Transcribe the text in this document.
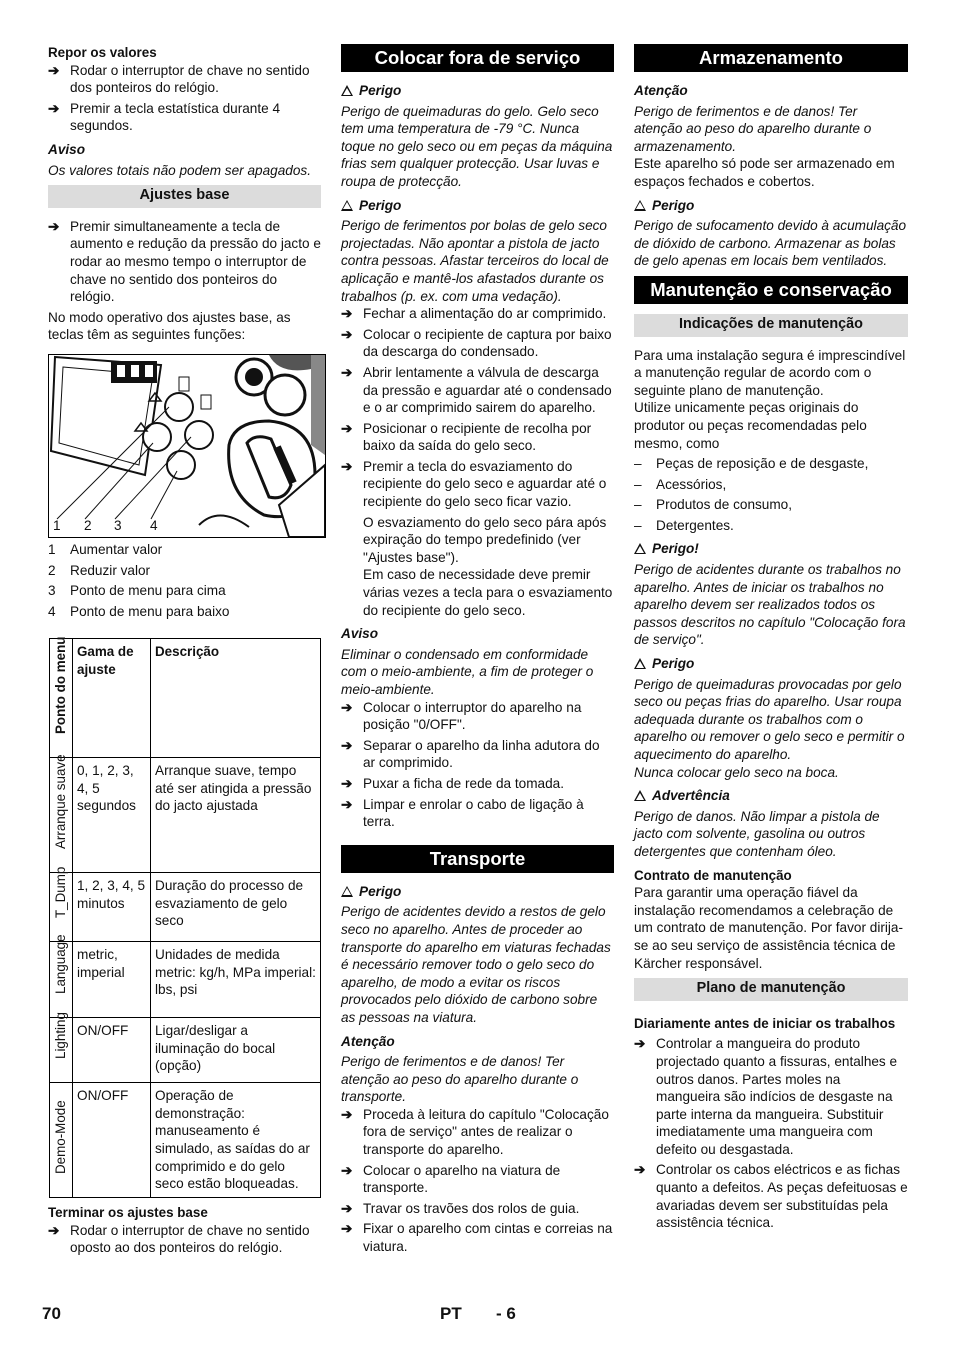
Repor os valores

➔ Rodar o interruptor de chave no sentido dos ponteiros do relógio.

➔ Premir a tecla estatística durante 4 segundos.

Aviso

Os valores totais não podem ser apagados.

Ajustes base

➔ Premir simultaneamente a tecla de aumento e redução da pressão do jacto e rodar ao mesmo tempo o interruptor de chave no sentido dos ponteiros do relógio.

No modo operativo dos ajustes base, as teclas têm as seguintes funções:

1 2 3 4

1 Aumentar valor

2 Reduzir valor

3 Ponto de menu para cima

4 Ponto de menu para baixo

Ponto do menu	Gama de ajuste	Descrição

Arranque suave	0, 1, 2, 3, 4, 5 segundos	Arranque suave, tempo até ser atingida a pressão do jacto ajustada

T_Dump	1, 2, 3, 4, 5 minutos	Duração do processo de esvaziamento de gelo seco

Language	metric, imperial	Unidades de medida metric: kg/h, MPa imperial: lbs, psi

Lighting	ON/OFF	Ligar/desligar a iluminação do bocal (opção)

Demo-Mode	ON/OFF	Operação de demonstração: manuseamento é simulado, as saídas do ar comprimido e do gelo seco estão bloqueadas.

Terminar os ajustes base

➔ Rodar o interruptor de chave no sentido oposto ao dos ponteiros do relógio.

Colocar fora de serviço

Perigo

Perigo de queimaduras do gelo. Gelo seco tem uma temperatura de -79 °C. Nunca toque no gelo seco ou em peças da máquina frias sem qualquer protecção. Usar luvas e roupa de protecção.

Perigo

Perigo de ferimentos por bolas de gelo seco projectadas. Não apontar a pistola de jacto contra pessoas. Afastar terceiros do local de aplicação e mantê-los afastados durante os trabalhos (p. ex. com uma vedação).

➔ Fechar a alimentação do ar comprimido.

➔ Colocar o recipiente de captura por baixo da descarga do condensado.

➔ Abrir lentamente a válvula de descarga da pressão e aguardar até o condensado e o ar comprimido sairem do aparelho.

➔ Posicionar o recipiente de recolha por baixo da saída do gelo seco.

➔ Premir a tecla do esvaziamento do recipiente do gelo seco e aguardar até o recipiente do gelo seco ficar vazio.

O esvaziamento do gelo seco pára após expiração do tempo predefinido (ver "Ajustes base").

Em caso de necessidade deve premir várias vezes a tecla para o esvaziamento do recipiente do gelo seco.

Aviso

Eliminar o condensado em conformidade com o meio-ambiente, a fim de proteger o meio-ambiente.

➔ Colocar o interruptor do aparelho na posição "0/OFF".

➔ Separar o aparelho da linha adutora do ar comprimido.

➔ Puxar a ficha de rede da tomada.

➔ Limpar e enrolar o cabo de ligação à terra.

Transporte

Perigo

Perigo de acidentes devido a restos de gelo seco no aparelho. Antes de proceder ao transporte do aparelho em viaturas fechadas é necessário remover todo o gelo seco do aparelho, de modo a evitar os riscos provocados pelo dióxido de carbono sobre as pessoas na viatura.

Atenção

Perigo de ferimentos e de danos! Ter atenção ao peso do aparelho durante o transporte.

➔ Proceda à leitura do capítulo "Colocação fora de serviço" antes de realizar o transporte do aparelho.

➔ Colocar o aparelho na viatura de transporte.

➔ Travar os travões dos rolos de guia.

➔ Fixar o aparelho com cintas e correias na viatura.

Armazenamento

Atenção

Perigo de ferimentos e de danos! Ter atenção ao peso do aparelho durante o armazenamento.

Este aparelho só pode ser armazenado em espaços fechados e cobertos.

Perigo

Perigo de sufocamento devido à acumulação de dióxido de carbono. Armazenar as bolas de gelo apenas em locais bem ventilados.

Manutenção e conservação
Indicações de manutenção

Para uma instalação segura é imprescindível a manutenção regular de acordo com o seguinte plano de manutenção.

Utilize unicamente peças originais do produtor ou peças recomendadas pelo mesmo, como

– Peças de reposição e de desgaste,

– Acessórios,

– Produtos de consumo,

– Detergentes.

Perigo!

Perigo de acidentes durante os trabalhos no aparelho. Antes de iniciar os trabalhos no aparelho devem ser realizados todos os passos descritos no capítulo "Colocação fora de serviço".

Perigo

Perigo de queimaduras provocadas por gelo seco ou peças frias do aparelho. Usar roupa adequada durante os trabalhos com o aparelho ou remover o gelo seco e permitir o aquecimento do aparelho.

Nunca colocar gelo seco na boca.

Advertência

Perigo de danos. Não limpar a pistola de jacto com solvente, gasolina ou outros detergentes que contenham óleo.

Contrato de manutenção

Para garantir uma operação fiável da instalação recomendamos a celebração de um contrato de manutenção. Por favor dirija-se ao seu serviço de assistência técnica de Kärcher responsável.

Plano de manutenção

Diariamente antes de iniciar os trabalhos

➔ Controlar a mangueira do produto projectado quanto a fissuras, entalhes e outros danos. Partes moles na mangueira são indícios de desgaste na parte interna da mangueira. Substituir imediatamente uma mangueira com defeito ou desgastada.

➔ Controlar os cabos eléctricos e as fichas quanto a defeitos. As peças defeituosas e avariadas devem ser substituídas pela assistência técnica.

70	PT - 6
